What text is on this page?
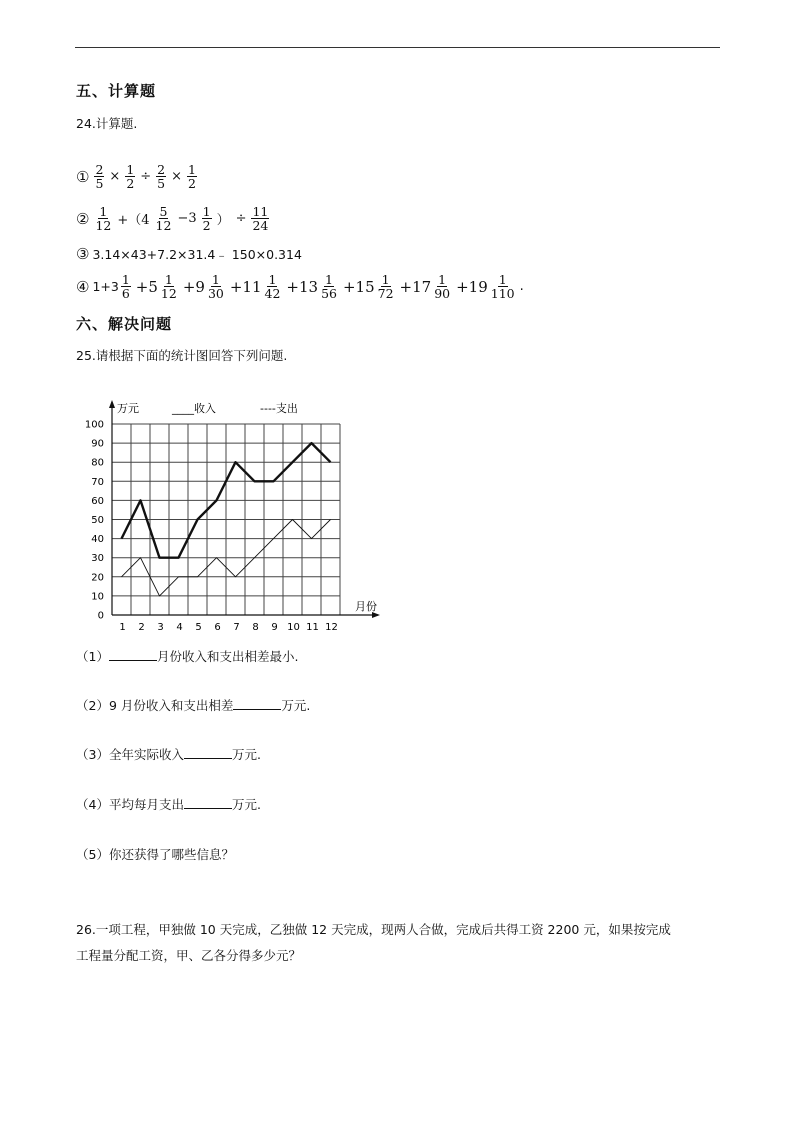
五、计算题
24.计算题.
① $\frac{2}{5} \times \frac{1}{2} \div \frac{2}{5} \times \frac{1}{2}$
② $\frac{1}{12} +(4 \frac{5}{12} -3 \frac{1}{2}$ ） ÷ $\frac{11}{24}$
③ 3.14×43+7.2×31.4﹣ 150×0.314
④ $1+3 \frac{1}{6} +5 \frac{1}{12} +9 \frac{1}{30} +11 \frac{1}{42} +13 \frac{1}{56} +15 \frac{1}{72} +17 \frac{1}{90} +19 \frac{1}{110}$ .
六、解决问题
25.请根据下面的统计图回答下列问题.
0
10
20
30
40
50
60
70
80
90
100
1 2 3 4 5 6 7 8 9 10 11 12
万元
月份
____收入	----支出
（1）	月份收入和支出相差最小.
（2）9 月份收入和支出相差	万元.
（3）全年实际收入	万元.
（4）平均每月支出	万元.
（5）你还获得了哪些信息？
26.一项工程，甲独做 10 天完成，乙独做 12 天完成，现两人合做，完成后共得工资 2200 元，如果按完成
工程量分配工资，甲、乙各分得多少元？
